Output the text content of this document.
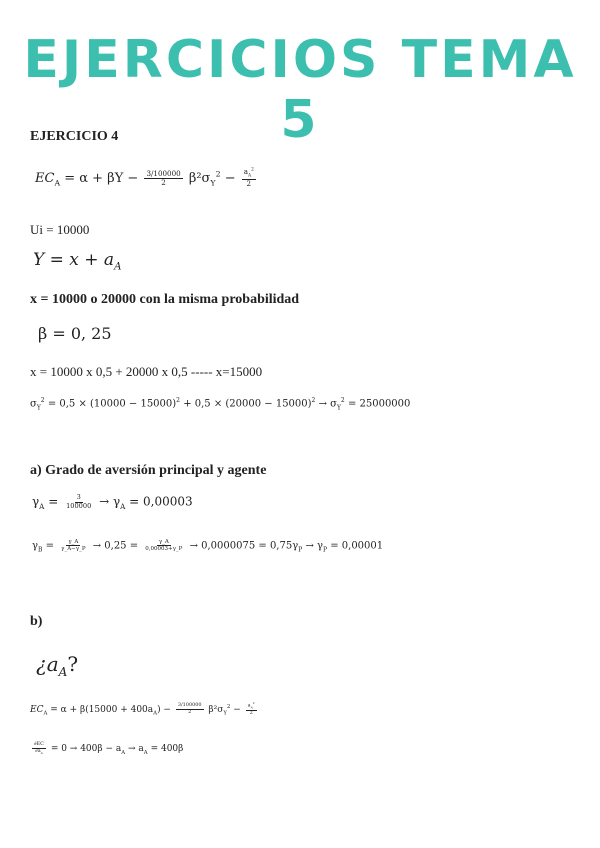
EJERCICIOS TEMA 5
EJERCICIO 4
$EC_A = \alpha + \beta Y - \frac{3/100000}{2} \beta^2\sigma_Y^2 - \frac{a_A^2}{2}$
Ui = 10000
$Y = x + a_A$
x = 10000 o 20000 con la misma probabilidad
β = 0, 25
x = 10000 x 0,5 + 20000 x 0,5 ----- x=15000
$\sigma_Y^2 = 0,5 \times (10000 - 15000)^2 + 0,5 \times (20000 - 15000)^2 \to \sigma_Y^2 = 25000000$
a) Grado de aversión principal y agente
$\gamma_A = \frac{3}{100000} \to \gamma_A = 0,00003$
$\gamma_B = \frac{\gamma\_A}{\gamma\_A-\gamma\_P} \to 0,25 = \frac{\gamma\_A}{0,00003+\gamma\_P} \to 0,0000075 = 0,75\gamma_P \to \gamma_P = 0,00001$
b)
¿$a_A$?
$EC_A = \alpha + \beta(15000 + 400a_A) - \frac{3/100000}{2} \beta^2\sigma_Y^2 - \frac{a_A^2}{2}$
$\frac{\partial EC}{\partial a_A} = 0 \to 400\beta - a_A \to a_A = 400\beta$
